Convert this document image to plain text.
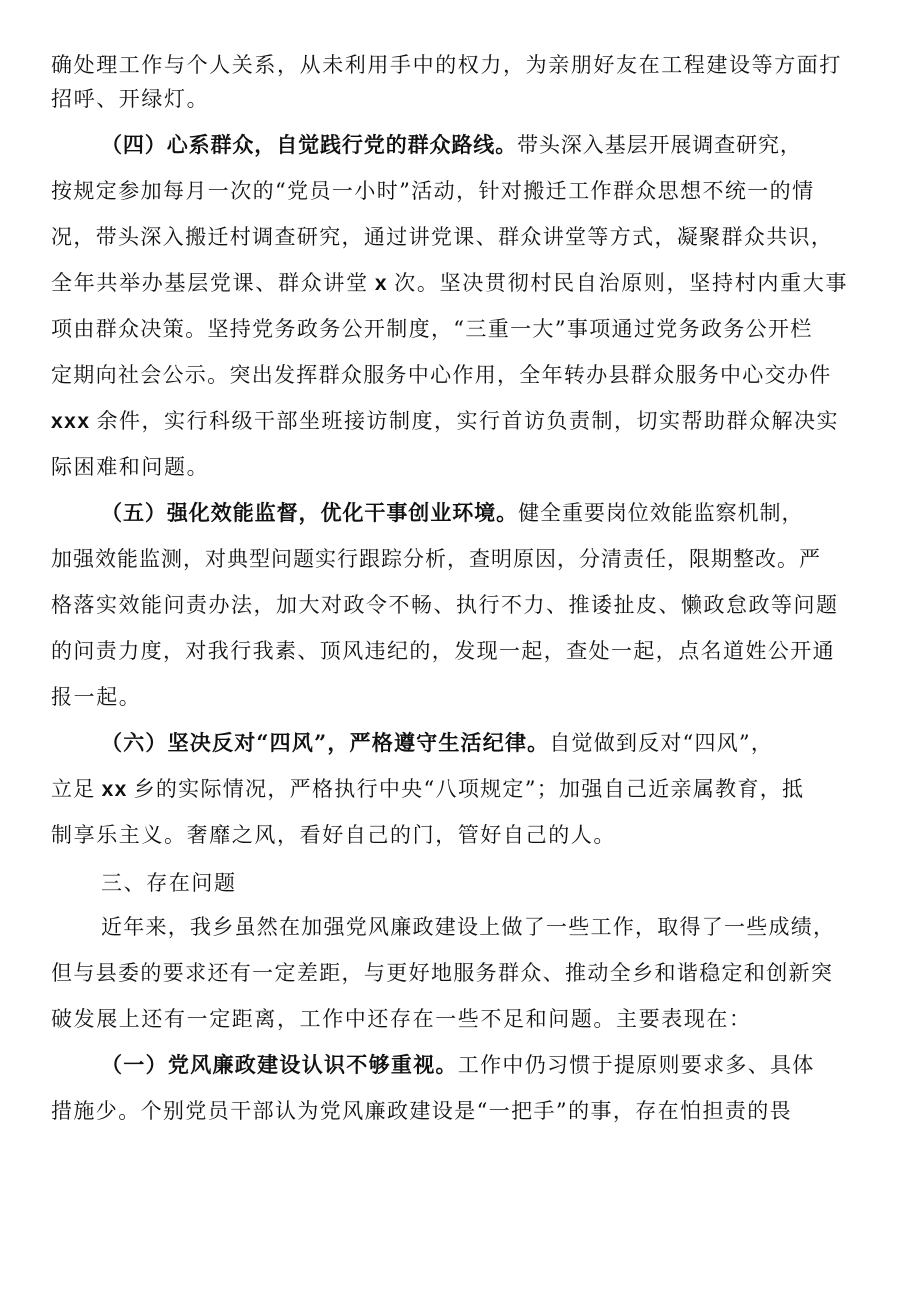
确处理工作与个人关系，从未利用手中的权力，为亲朋好友在工程建设等方面打
招呼、开绿灯。
（四）心系群众，自觉践行党的群众路线。带头深入基层开展调查研究，
按规定参加每月一次的“党员一小时”活动，针对搬迁工作群众思想不统一的情
况，带头深入搬迁村调查研究，通过讲党课、群众讲堂等方式，凝聚群众共识，
全年共举办基层党课、群众讲堂 x 次。坚决贯彻村民自治原则，坚持村内重大事
项由群众决策。坚持党务政务公开制度，“三重一大”事项通过党务政务公开栏
定期向社会公示。突出发挥群众服务中心作用，全年转办县群众服务中心交办件
xxx 余件，实行科级干部坐班接访制度，实行首访负责制，切实帮助群众解决实
际困难和问题。
（五）强化效能监督，优化干事创业环境。健全重要岗位效能监察机制，
加强效能监测，对典型问题实行跟踪分析，查明原因，分清责任，限期整改。严
格落实效能问责办法，加大对政令不畅、执行不力、推诿扯皮、懒政怠政等问题
的问责力度，对我行我素、顶风违纪的，发现一起，查处一起，点名道姓公开通
报一起。
（六）坚决反对“四风”，严格遵守生活纪律。自觉做到反对“四风”，
立足 xx 乡的实际情况，严格执行中央“八项规定”；加强自己近亲属教育，抵
制享乐主义。奢靡之风，看好自己的门，管好自己的人。
三、存在问题
近年来，我乡虽然在加强党风廉政建设上做了一些工作，取得了一些成绩，
但与县委的要求还有一定差距，与更好地服务群众、推动全乡和谐稳定和创新突
破发展上还有一定距离，工作中还存在一些不足和问题。主要表现在：
（一）党风廉政建设认识不够重视。工作中仍习惯于提原则要求多、具体
措施少。个别党员干部认为党风廉政建设是“一把手”的事，存在怕担责的畏
